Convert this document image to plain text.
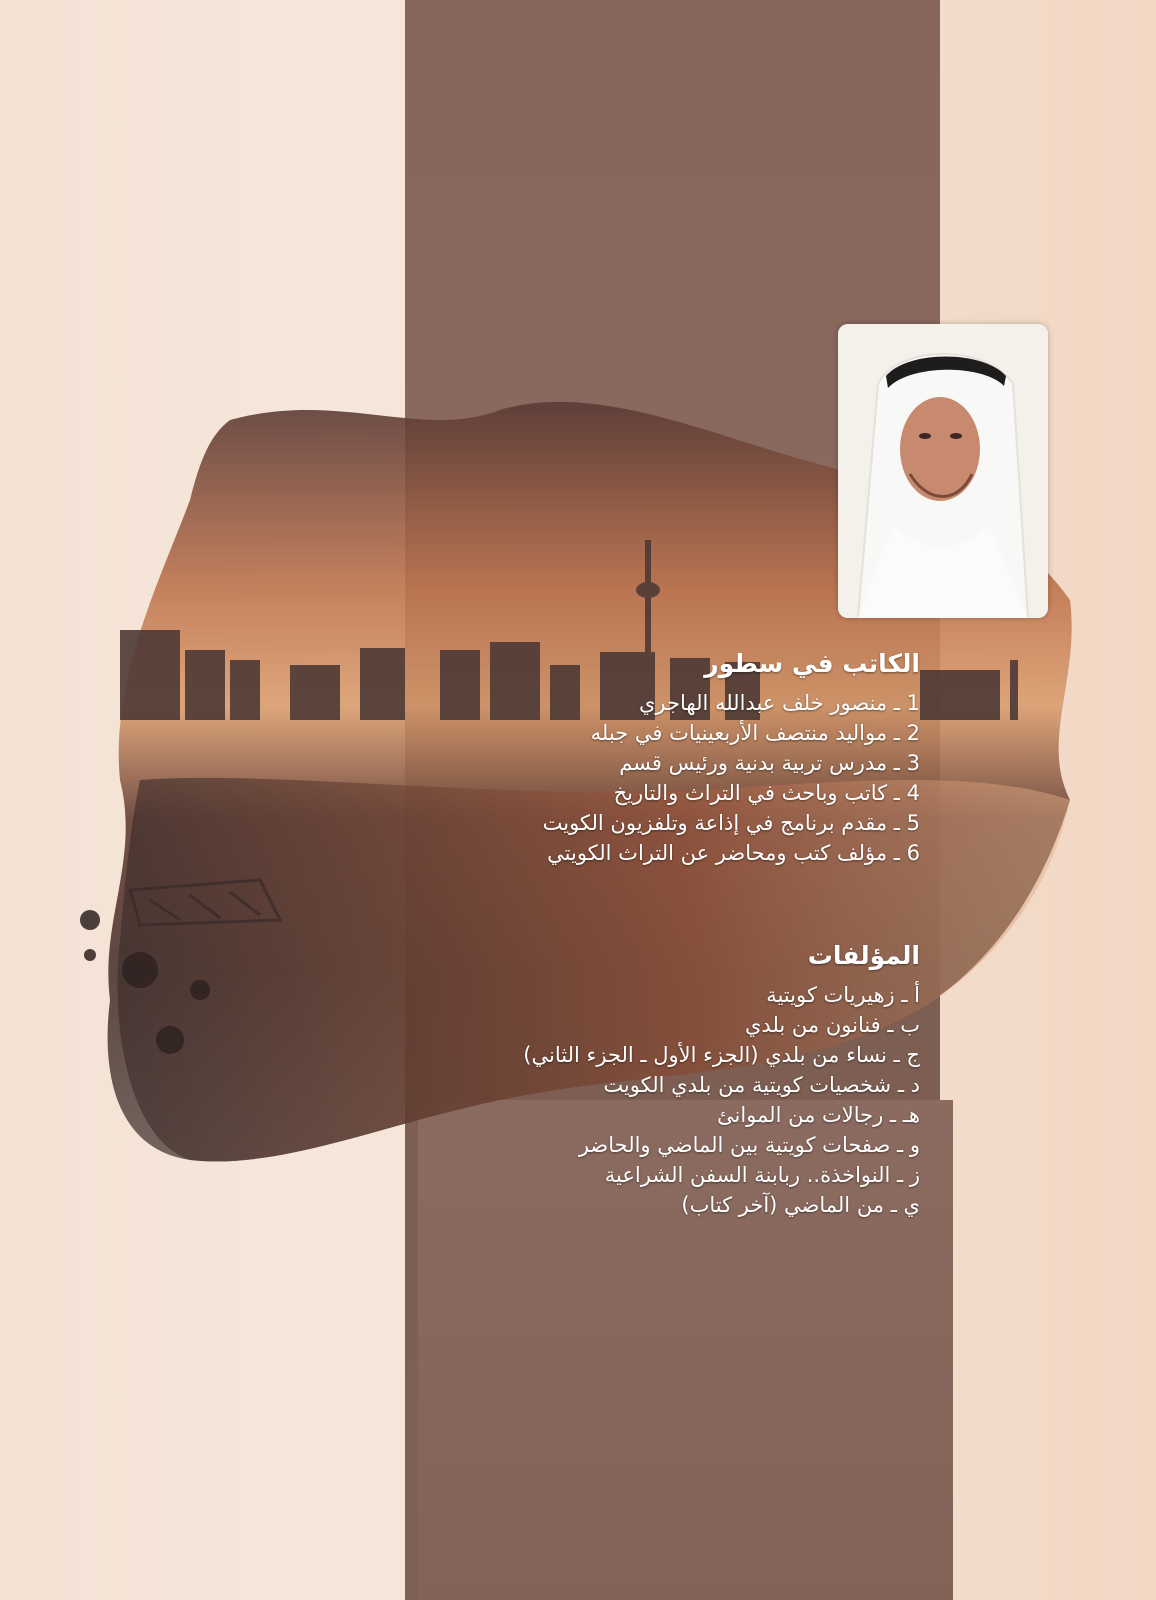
الكاتب في سطور
1 ـ منصور خلف عبدالله الهاجري
2 ـ مواليد منتصف الأربعينيات في جبله
3 ـ مدرس تربية بدنية ورئيس قسم
4 ـ كاتب وباحث في التراث والتاريخ
5 ـ مقدم برنامج في إذاعة وتلفزيون الكويت
6 ـ مؤلف كتب ومحاضر عن التراث الكويتي
المؤلفات
أ ـ زهيريات كويتية
ب ـ فنانون من بلدي
ج ـ نساء من بلدي (الجزء الأول ـ الجزء الثاني)
د ـ شخصيات كويتية من بلدي الكويت
هـ ـ رجالات من الموانئ
و ـ صفحات كويتية بين الماضي والحاضر
ز ـ النواخذة.. ربابنة السفن الشراعية
ي ـ من الماضي (آخر كتاب)
